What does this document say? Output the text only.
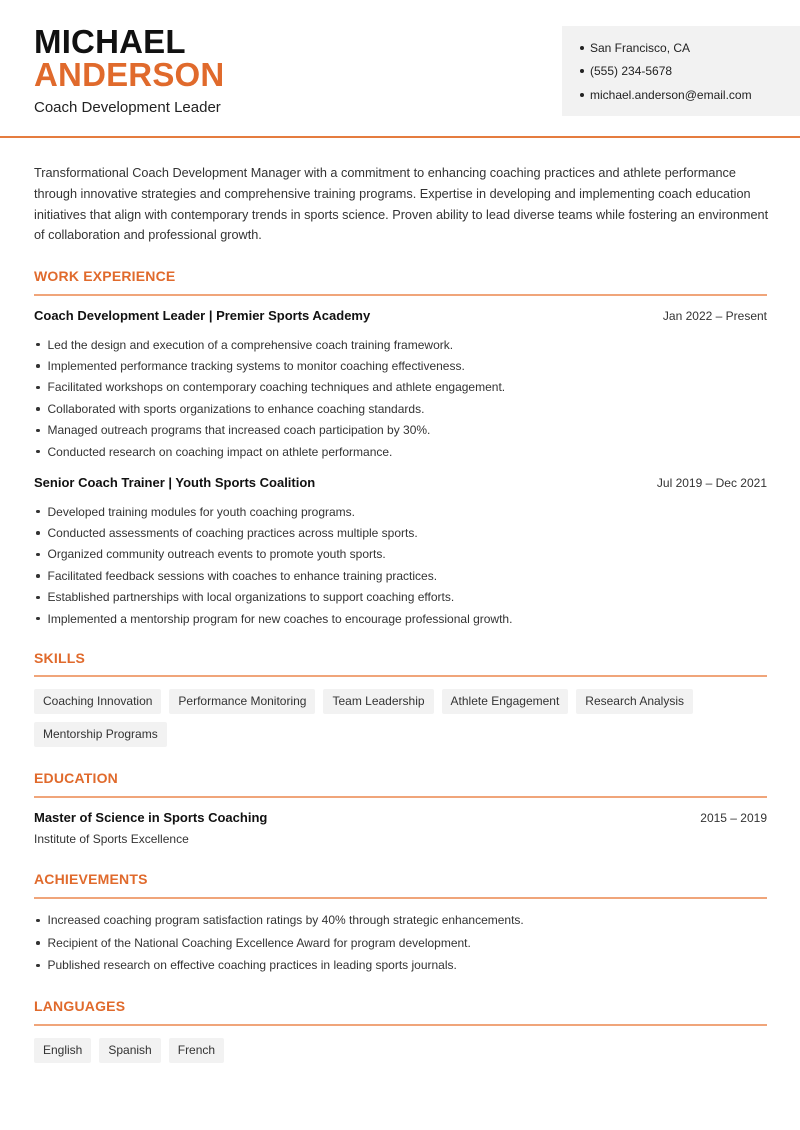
MICHAEL
ANDERSON
Coach Development Leader
San Francisco, CA
(555) 234-5678
michael.anderson@email.com
Transformational Coach Development Manager with a commitment to enhancing coaching practices and athlete performance through innovative strategies and comprehensive training programs. Expertise in developing and implementing coach education initiatives that align with contemporary trends in sports science. Proven ability to lead diverse teams while fostering an environment of collaboration and professional growth.
WORK EXPERIENCE
Coach Development Leader | Premier Sports Academy	Jan 2022 – Present
Led the design and execution of a comprehensive coach training framework.
Implemented performance tracking systems to monitor coaching effectiveness.
Facilitated workshops on contemporary coaching techniques and athlete engagement.
Collaborated with sports organizations to enhance coaching standards.
Managed outreach programs that increased coach participation by 30%.
Conducted research on coaching impact on athlete performance.
Senior Coach Trainer | Youth Sports Coalition	Jul 2019 – Dec 2021
Developed training modules for youth coaching programs.
Conducted assessments of coaching practices across multiple sports.
Organized community outreach events to promote youth sports.
Facilitated feedback sessions with coaches to enhance training practices.
Established partnerships with local organizations to support coaching efforts.
Implemented a mentorship program for new coaches to encourage professional growth.
SKILLS
Coaching Innovation	Performance Monitoring	Team Leadership	Athlete Engagement	Research Analysis
Mentorship Programs
EDUCATION
Master of Science in Sports Coaching	2015 – 2019
Institute of Sports Excellence
ACHIEVEMENTS
Increased coaching program satisfaction ratings by 40% through strategic enhancements.
Recipient of the National Coaching Excellence Award for program development.
Published research on effective coaching practices in leading sports journals.
LANGUAGES
English	Spanish	French
